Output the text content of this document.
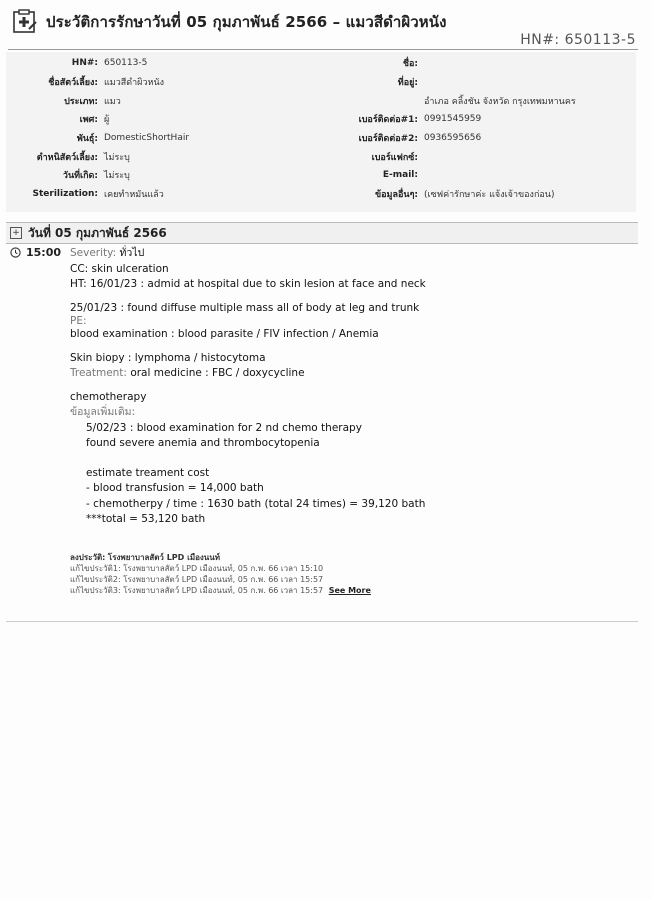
ประวัติการรักษาวันที่ 05 กุมภาพันธ์ 2566 – แมวสีดำผิวหนัง
HN#: 650113-5
HN#: 650113-5
ชื่อสัตว์เลี้ยง: แมวสีดำผิวหนัง
ประเภท: แมว
เพศ: ผู้
พันธุ์: DomesticShortHair
ตำหนิสัตว์เลี้ยง: ไม่ระบุ
วันที่เกิด: ไม่ระบุ
Sterilization: เคยทำหมันแล้ว
ชื่อ:
ที่อยู่:
อำเภอ คลิ้งชัน จังหวัด กรุงเทพมหานคร
เบอร์ติดต่อ#1: 0991545959
เบอร์ติดต่อ#2: 0936595656
เบอร์แฟกซ์:
E-mail:
ข้อมูลอื่นๆ: (เซฟค่ารักษาค่ะ แจ้งเจ้าของก่อน)
+ วันที่ 05 กุมภาพันธ์ 2566
15:00 Severity: ทั่วไป
CC: skin ulceration
HT: 16/01/23 : admid at hospital due to skin lesion at face and neck
25/01/23 : found diffuse multiple mass all of body at leg and trunk
PE:
blood examination : blood parasite / FIV infection / Anemia
Skin biopy : lymphoma / histocytoma
Treatment: oral medicine : FBC / doxycycline
chemotherapy
ข้อมูลเพิ่มเติม:
5/02/23 : blood examination for 2 nd chemo therapy
found severe anemia and thrombocytopenia
estimate treament cost
- blood transfusion = 14,000 bath
- chemotherpy / time : 1630 bath (total 24 times) = 39,120 bath
***total = 53,120 bath
ลงประวัติ: โรงพยาบาลสัตว์ LPD เมืองนนท์
แก้ไขประวัติ1: โรงพยาบาลสัตว์ LPD เมืองนนท์, 05 ก.พ. 66 เวลา 15:10
แก้ไขประวัติ2: โรงพยาบาลสัตว์ LPD เมืองนนท์, 05 ก.พ. 66 เวลา 15:57
แก้ไขประวัติ3: โรงพยาบาลสัตว์ LPD เมืองนนท์, 05 ก.พ. 66 เวลา 15:57 See More
